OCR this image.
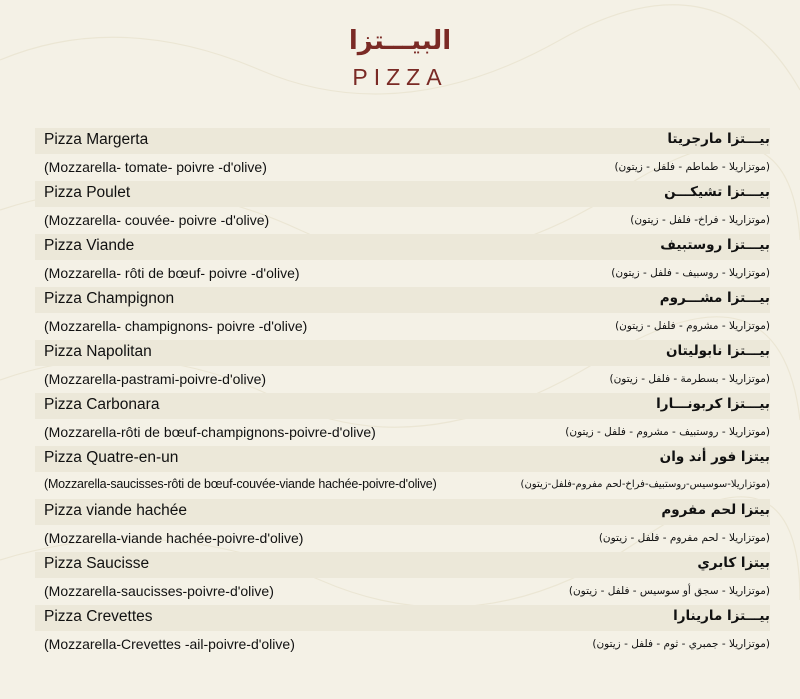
البيـــتزا
PIZZA
Pizza Margerta	بيـــتزا مارجريتا
(Mozzarella- tomate- poivre -d'olive)	(موتزاريلا - طماطم - فلفل - زيتون)
Pizza Poulet	بيـــتزا تشيكـــن
(Mozzarella- couvée- poivre -d'olive)	(موتزاريلا - فراخ- فلفل - زيتون)
Pizza Viande	بيـــتزا روستبيف
(Mozzarella- rôti de bœuf- poivre -d'olive)	(موتزاريلا - روسبيف - فلفل - زيتون)
Pizza Champignon	بيـــتزا مشـــروم
(Mozzarella- champignons- poivre -d'olive)	(موتزاريلا - مشروم - فلفل - زيتون)
Pizza Napolitan	بيـــتزا نابوليتان
(Mozzarella-pastrami-poivre-d'olive)	(موتزاريلا - بسطرمة - فلفل - زيتون)
Pizza Carbonara	بيـــتزا كربونـــارا
(Mozzarella-rôti de bœuf-champignons-poivre-d'olive)	(موتزاريلا - روستبيف - مشروم - فلفل - زيتون)
Pizza Quatre-en-un	بيتزا فور أند وان
(Mozzarella-saucisses-rôti de bœuf-couvée-viande hachée-poivre-d'olive)	(موتزاريلا-سوسيس-روستبيف-فراخ-لحم مفروم-فلفل-زيتون)
Pizza viande hachée	بيتزا لحم مفروم
(Mozzarella-viande hachée-poivre-d'olive)	(موتزاريلا - لحم مفروم - فلفل - زيتون)
Pizza Saucisse	بيتزا كابري
(Mozzarella-saucisses-poivre-d'olive)	(موتزاريلا - سجق أو سوسيس - فلفل - زيتون)
Pizza Crevettes	بيـــتزا مارينارا
(Mozzarella-Crevettes -ail-poivre-d'olive)	(موتزاريلا - جمبري - ثوم - فلفل - زيتون)
